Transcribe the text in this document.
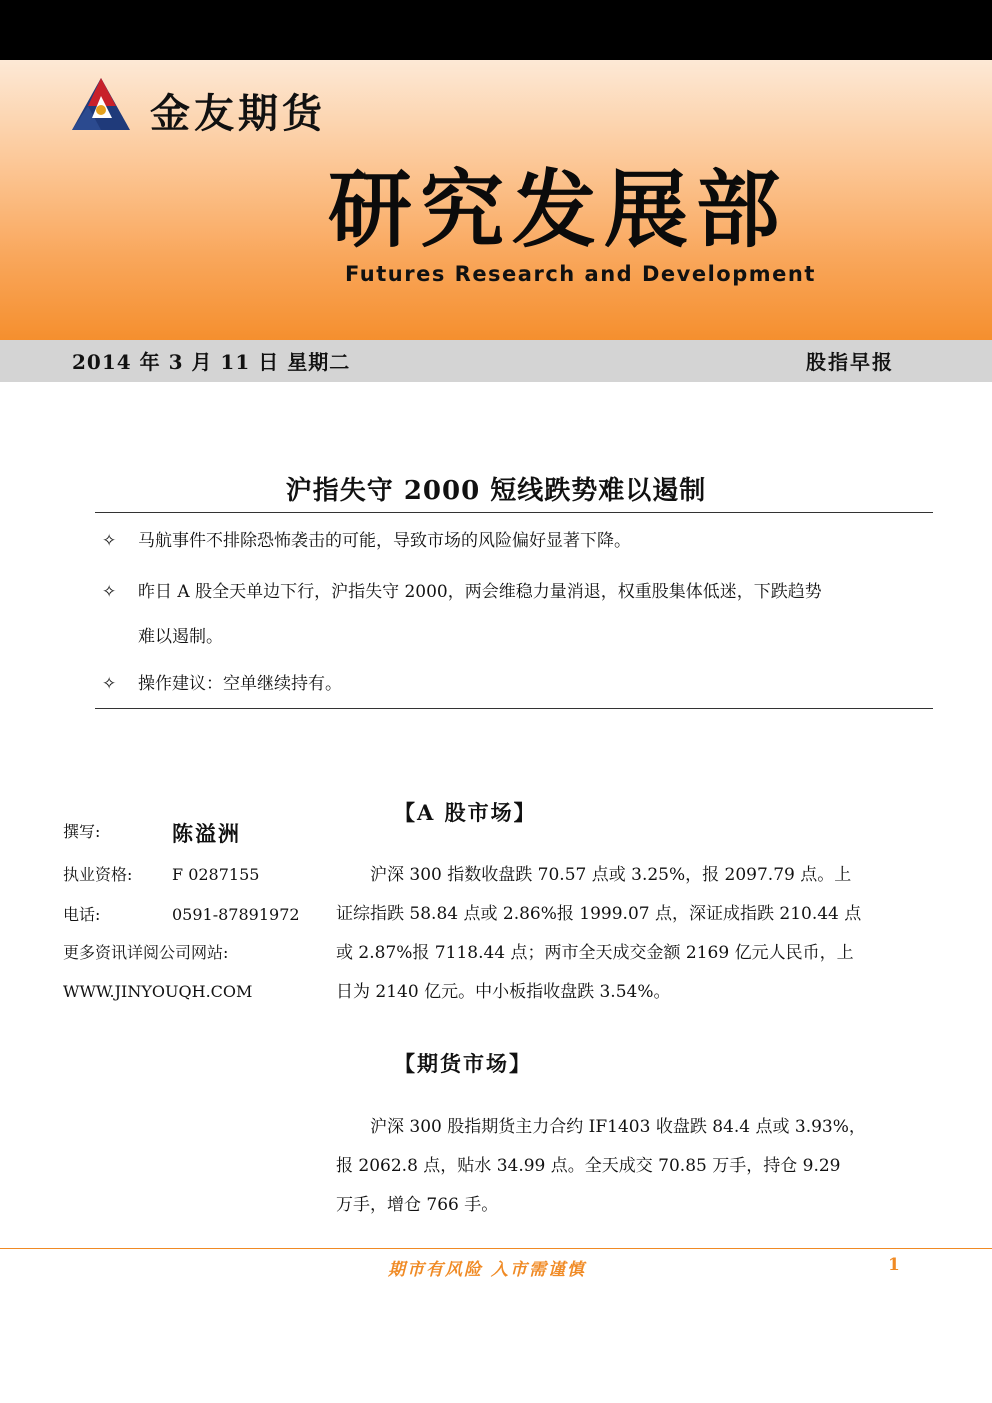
金友期货
研究发展部
Futures Research and Development
2014 年 3 月 11 日 星期二	股指早报
沪指失守 2000 短线跌势难以遏制
✧ 马航事件不排除恐怖袭击的可能，导致市场的风险偏好显著下降。
✧ 昨日 A 股全天单边下行，沪指失守 2000，两会维稳力量消退，权重股集体低迷，下跌趋势
难以遏制。
✧ 操作建议：空单继续持有。
撰写:	陈溢洲
执业资格: F 0287155
电话:	0591-87891972
更多资讯详阅公司网站:
WWW.JINYOUQH.COM
【A 股市场】

　　沪深 300 指数收盘跌 70.57 点或 3.25%，报 2097.79 点。上

证综指跌 58.84 点或 2.86%报 1999.07 点，深证成指跌 210.44 点

或 2.87%报 7118.44 点；两市全天成交金额 2169 亿元人民币，上

日为 2140 亿元。中小板指收盘跌 3.54%。

【期货市场】

　　沪深 300 股指期货主力合约 IF1403 收盘跌 84.4 点或 3.93%，

报 2062.8 点，贴水 34.99 点。全天成交 70.85 万手，持仓 9.29

万手，增仓 766 手。

期市有风险 入市需谨慎	1
